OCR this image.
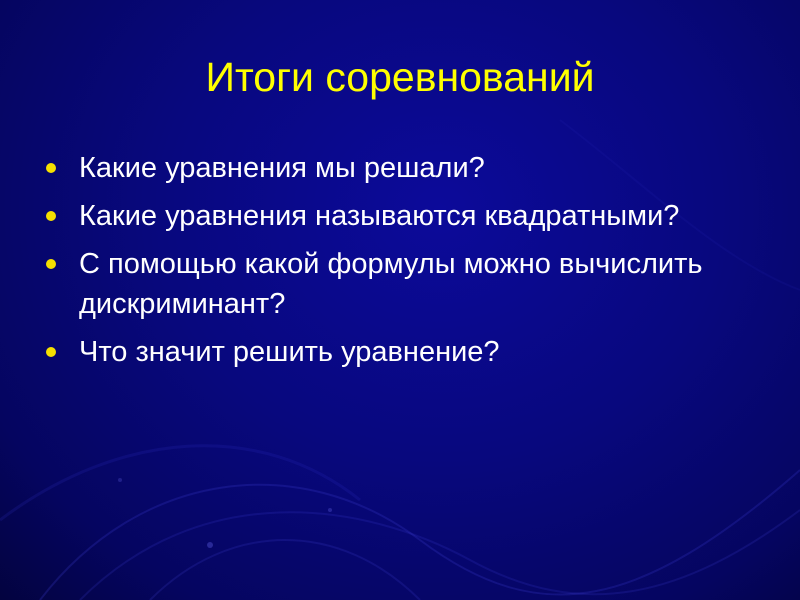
Итоги соревнований
Какие уравнения мы решали?
Какие уравнения называются квадратными?
С помощью какой формулы можно вычислить дискриминант?
Что значит решить уравнение?
